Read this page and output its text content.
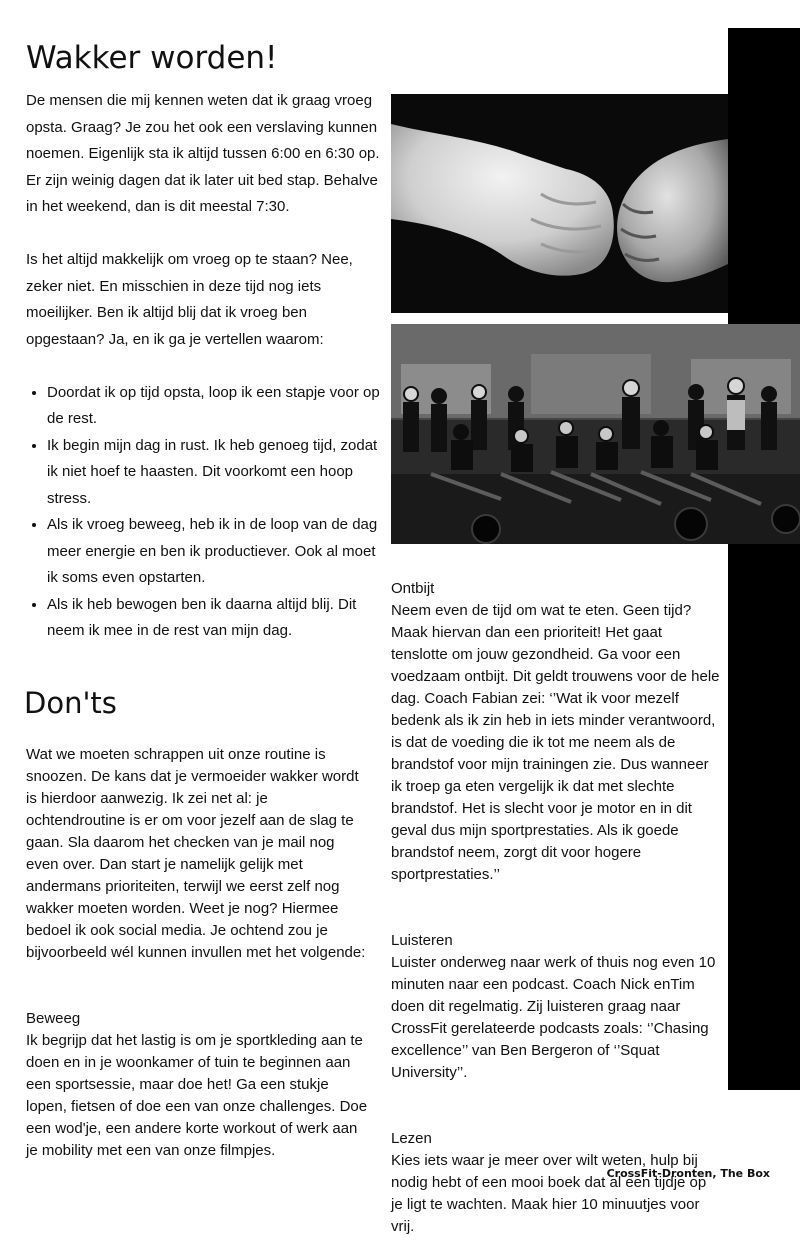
Wakker worden!

De mensen die mij kennen weten dat ik graag vroeg opsta. Graag? Je zou het ook een verslaving kunnen noemen. Eigenlijk sta ik altijd tussen 6:00 en 6:30 op. Er zijn weinig dagen dat ik later uit bed stap. Behalve in het weekend, dan is dit meestal 7:30.

Is het altijd makkelijk om vroeg op te staan? Nee, zeker niet. En misschien in deze tijd nog iets moeilijker. Ben ik altijd blij dat ik vroeg ben opgestaan? Ja, en ik ga je vertellen waarom:

• Doordat ik op tijd opsta, loop ik een stapje voor op de rest.
• Ik begin mijn dag in rust. Ik heb genoeg tijd, zodat ik niet hoef te haasten. Dit voorkomt een hoop stress.
• Als ik vroeg beweeg, heb ik in de loop van de dag meer energie en ben ik productiever. Ook al moet ik soms even opstarten.
• Als ik heb bewogen ben ik daarna altijd blij. Dit neem ik mee in de rest van mijn dag.
Don'ts

Wat we moeten schrappen uit onze routine is snoozen. De kans dat je vermoeider wakker wordt is hierdoor aanwezig. Ik zei net al: je ochtendroutine is er om voor jezelf aan de slag te gaan. Sla daarom het checken van je mail nog even over. Dan start je namelijk gelijk met andermans prioriteiten, terwijl we eerst zelf nog wakker moeten worden. Weet je nog? Hiermee bedoel ik ook social media. Je ochtend zou je bijvoorbeeld wél kunnen invullen met het volgende:

Beweeg
Ik begrijp dat het lastig is om je sportkleding aan te doen en in je woonkamer of tuin te beginnen aan een sportsessie, maar doe het! Ga een stukje lopen, fietsen of doe een van onze challenges. Doe een wod'je, een andere korte workout of werk aan je mobility met een van onze filmpjes.

Ontbijt
Neem even de tijd om wat te eten. Geen tijd? Maak hiervan dan een prioriteit! Het gaat tenslotte om jouw gezondheid. Ga voor een voedzaam ontbijt. Dit geldt trouwens voor de hele dag. Coach Fabian zei: ‘’Wat ik voor mezelf bedenk als ik zin heb in iets minder verantwoord, is dat de voeding die ik tot me neem als de brandstof voor mijn trainingen zie. Dus wanneer ik troep ga eten vergelijk ik dat met slechte brandstof. Het is slecht voor je motor en in dit geval dus mijn sportprestaties. Als ik goede brandstof neem, zorgt dit voor hogere sportprestaties.’’

Luisteren
Luister onderweg naar werk of thuis nog even 10 minuten naar een podcast. Coach Nick enTim doen dit regelmatig. Zij luisteren graag naar CrossFit gerelateerde podcasts zoals: ‘’Chasing excellence’’ van Ben Bergeron of ‘’Squat University’’.

Lezen
Kies iets waar je meer over wilt weten, hulp bij nodig hebt of een mooi boek dat al een tijdje op je ligt te wachten. Maak hier 10 minuutjes voor vrij.

CrossFit-Dronten, The Box
